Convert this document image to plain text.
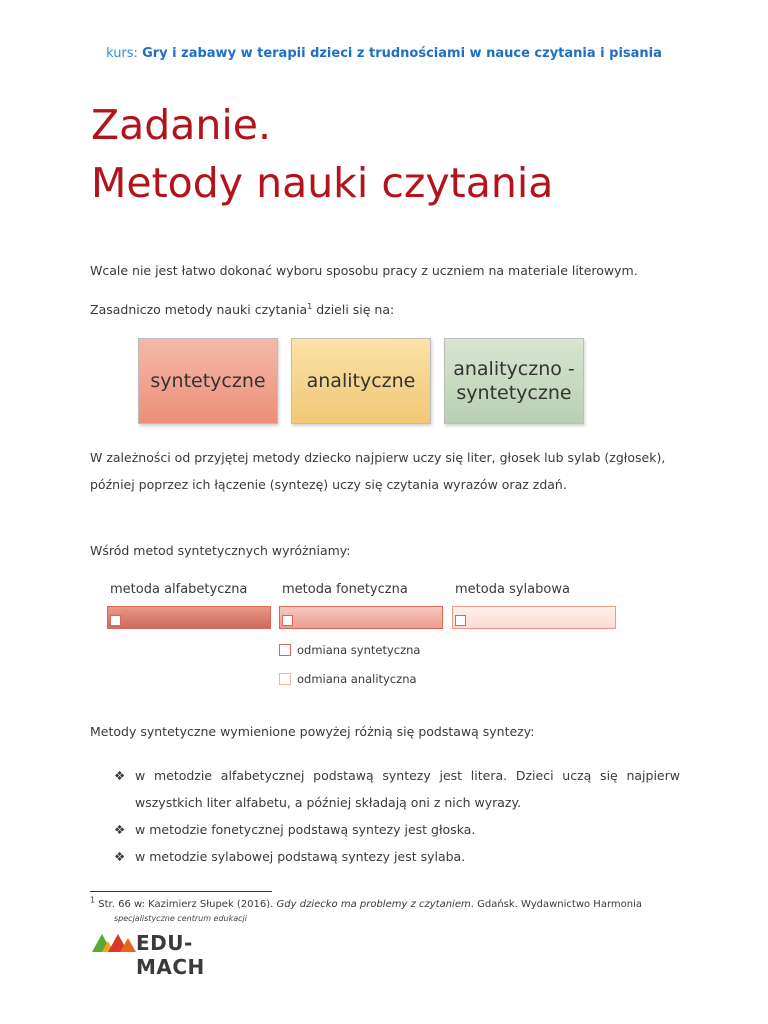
kurs: Gry i zabawy w terapii dzieci z trudnościami w nauce czytania i pisania
Zadanie.
Metody nauki czytania
Wcale nie jest łatwo dokonać wyboru sposobu pracy z uczniem na materiale literowym.
Zasadniczo metody nauki czytania$^1$ dzieli się na:
syntetyczne analityczne
analityczno -
syntetyczne
W zależności od przyjętej metody dziecko najpierw uczy się liter, głosek lub sylab (zgłosek),
później poprzez ich łączenie (syntezę) uczy się czytania wyrazów oraz zdań.
Wśród metod syntetycznych wyróżniamy:
metoda alfabetyczna	metoda fonetyczna	metoda sylabowa
odmiana syntetyczna
odmiana analityczna
Metody syntetyczne wymienione powyżej różnią się podstawą syntezy:
❖ w metodzie alfabetycznej podstawą syntezy jest litera. Dzieci uczą się najpierw wszystkich liter alfabetu, a później składają oni z nich wyrazy.
❖ w metodzie fonetycznej podstawą syntezy jest głoska.
❖ w metodzie sylabowej podstawą syntezy jest sylaba.
$^1$ Str. 66 w: Kazimierz Słupek (2016). Gdy dziecko ma problemy z czytaniem. Gdańsk. Wydawnictwo Harmonia
specjalistyczne centrum edukacji
EDU-MACH
